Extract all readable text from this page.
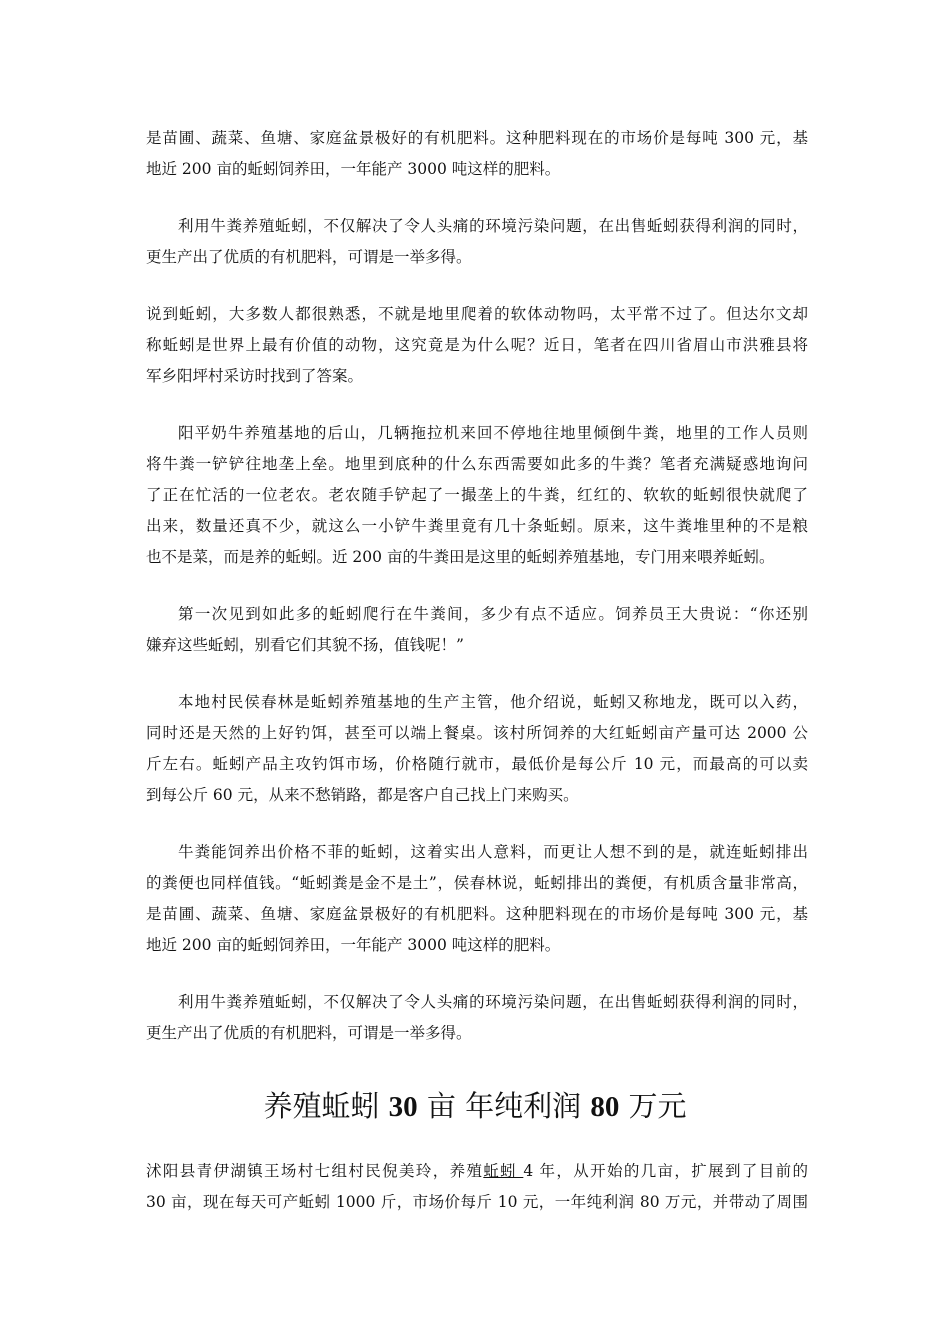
是苗圃、蔬菜、鱼塘、家庭盆景极好的有机肥料。这种肥料现在的市场价是每吨 300 元，基
地近 200 亩的蚯蚓饲养田，一年能产 3000 吨这样的肥料。
利用牛粪养殖蚯蚓，不仅解决了令人头痛的环境污染问题，在出售蚯蚓获得利润的同时，
更生产出了优质的有机肥料，可谓是一举多得。
说到蚯蚓，大多数人都很熟悉，不就是地里爬着的软体动物吗，太平常不过了。但达尔文却
称蚯蚓是世界上最有价值的动物，这究竟是为什么呢？近日，笔者在四川省眉山市洪雅县将
军乡阳坪村采访时找到了答案。
阳平奶牛养殖基地的后山，几辆拖拉机来回不停地往地里倾倒牛粪，地里的工作人员则
将牛粪一铲铲往地垄上垒。地里到底种的什么东西需要如此多的牛粪？笔者充满疑惑地询问
了正在忙活的一位老农。老农随手铲起了一撮垄上的牛粪，红红的、软软的蚯蚓很快就爬了
出来，数量还真不少，就这么一小铲牛粪里竟有几十条蚯蚓。原来，这牛粪堆里种的不是粮
也不是菜，而是养的蚯蚓。近 200 亩的牛粪田是这里的蚯蚓养殖基地，专门用来喂养蚯蚓。
第一次见到如此多的蚯蚓爬行在牛粪间，多少有点不适应。饲养员王大贵说：“你还别
嫌弃这些蚯蚓，别看它们其貌不扬，值钱呢！”
本地村民侯春林是蚯蚓养殖基地的生产主管，他介绍说，蚯蚓又称地龙，既可以入药，
同时还是天然的上好钓饵，甚至可以端上餐桌。该村所饲养的大红蚯蚓亩产量可达 2000 公
斤左右。蚯蚓产品主攻钓饵市场，价格随行就市，最低价是每公斤 10 元，而最高的可以卖
到每公斤 60 元，从来不愁销路，都是客户自己找上门来购买。
牛粪能饲养出价格不菲的蚯蚓，这着实出人意料，而更让人想不到的是，就连蚯蚓排出
的粪便也同样值钱。“蚯蚓粪是金不是土”，侯春林说，蚯蚓排出的粪便，有机质含量非常高，
是苗圃、蔬菜、鱼塘、家庭盆景极好的有机肥料。这种肥料现在的市场价是每吨 300 元，基
地近 200 亩的蚯蚓饲养田，一年能产 3000 吨这样的肥料。
利用牛粪养殖蚯蚓，不仅解决了令人头痛的环境污染问题，在出售蚯蚓获得利润的同时，
更生产出了优质的有机肥料，可谓是一举多得。
养殖蚯蚓 30 亩 年纯利润 80 万元
沭阳县青伊湖镇王场村七组村民倪美玲，养殖蚯蚓 4 年，从开始的几亩，扩展到了目前的
30 亩，现在每天可产蚯蚓 1000 斤，市场价每斤 10 元，一年纯利润 80 万元，并带动了周围
